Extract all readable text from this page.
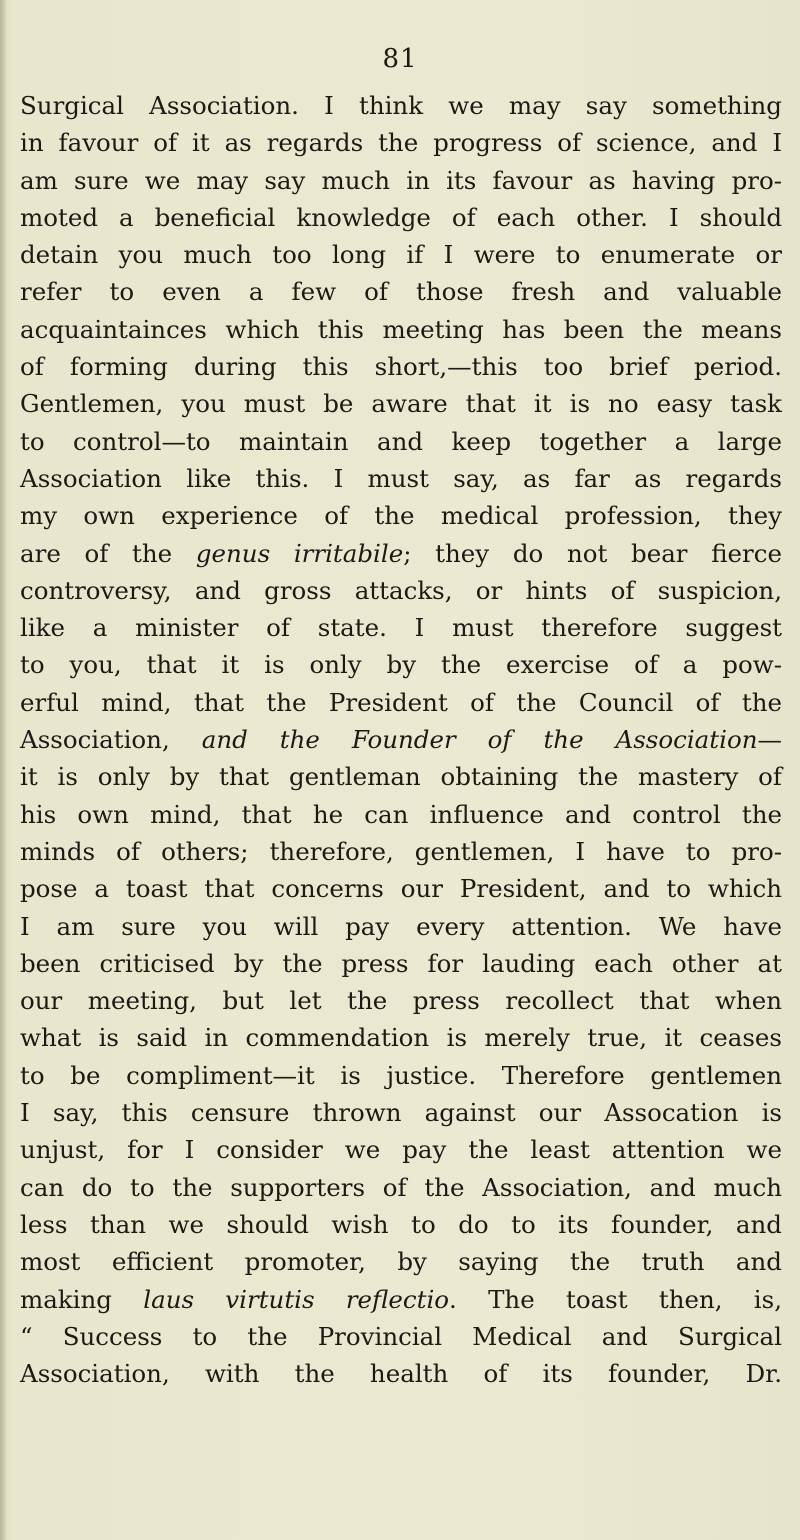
81
Surgical Association. I think we may say something
in favour of it as regards the progress of science, and I
am sure we may say much in its favour as having pro-
moted a beneficial knowledge of each other. I should
detain you much too long if I were to enumerate or
refer to even a few of those fresh and valuable
acquaintainces which this meeting has been the means
of forming during this short,—this too brief period.
Gentlemen, you must be aware that it is no easy task
to control—to maintain and keep together a large
Association like this. I must say, as far as regards
my own experience of the medical profession, they
are of the genus irritabile; they do not bear fierce
controversy, and gross attacks, or hints of suspicion,
like a minister of state. I must therefore suggest
to you, that it is only by the exercise of a pow-
erful mind, that the President of the Council of the
Association, and the Founder of the Association—
it is only by that gentleman obtaining the mastery of
his own mind, that he can influence and control the
minds of others; therefore, gentlemen, I have to pro-
pose a toast that concerns our President, and to which
I am sure you will pay every attention. We have
been criticised by the press for lauding each other at
our meeting, but let the press recollect that when
what is said in commendation is merely true, it ceases
to be compliment—it is justice. Therefore gentlemen
I say, this censure thrown against our Assocation is
unjust, for I consider we pay the least attention we
can do to the supporters of the Association, and much
less than we should wish to do to its founder, and
most efficient promoter, by saying the truth and
making laus virtutis reflectio. The toast then, is,
“ Success to the Provincial Medical and Surgical
Association, with the health of its founder, Dr.
